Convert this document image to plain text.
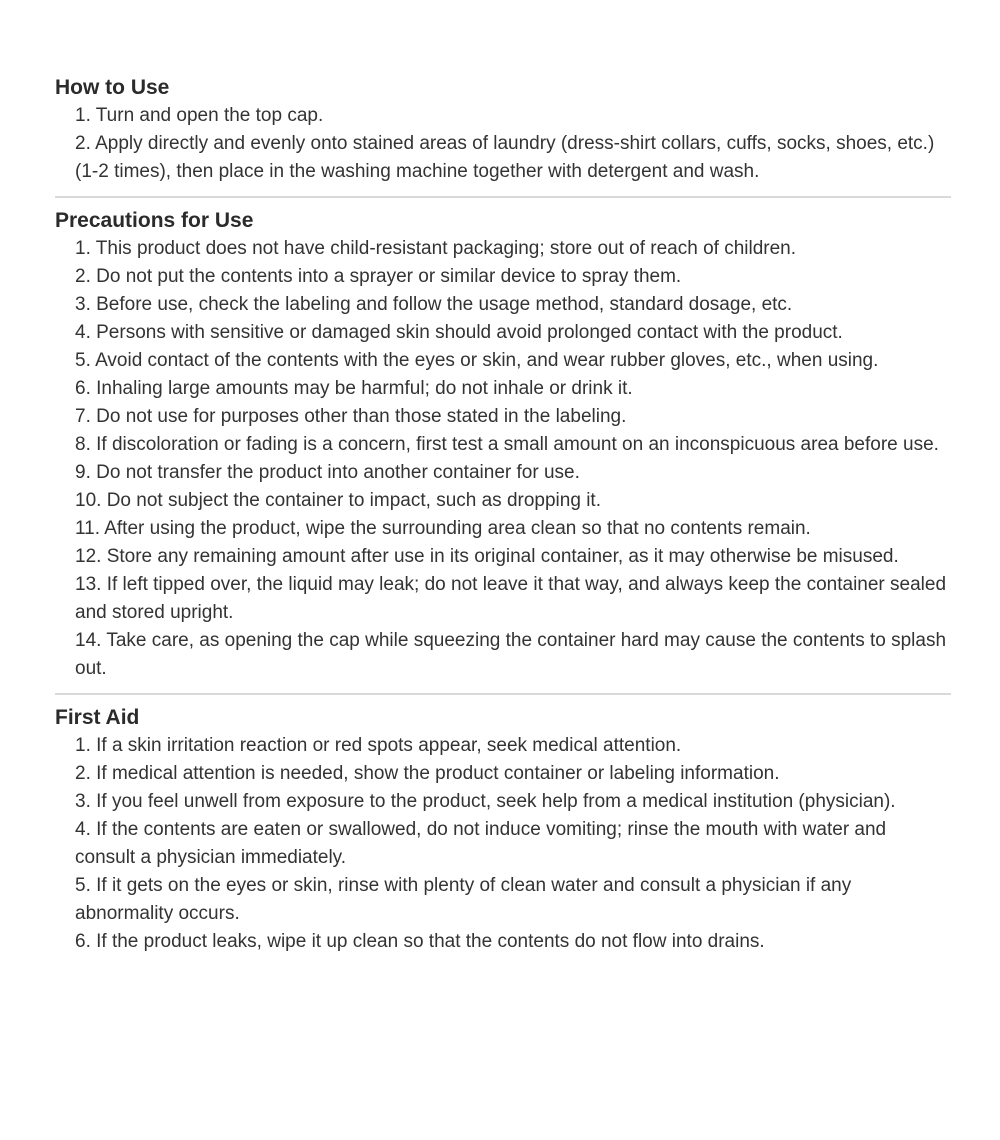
How to Use
1. Turn and open the top cap.
2. Apply directly and evenly onto stained areas of laundry (dress-shirt collars, cuffs, socks, shoes, etc.) (1-2 times), then place in the washing machine together with detergent and wash.
Precautions for Use
1. This product does not have child-resistant packaging; store out of reach of children.
2. Do not put the contents into a sprayer or similar device to spray them.
3. Before use, check the labeling and follow the usage method, standard dosage, etc.
4. Persons with sensitive or damaged skin should avoid prolonged contact with the product.
5. Avoid contact of the contents with the eyes or skin, and wear rubber gloves, etc., when using.
6. Inhaling large amounts may be harmful; do not inhale or drink it.
7. Do not use for purposes other than those stated in the labeling.
8. If discoloration or fading is a concern, first test a small amount on an inconspicuous area before use.
9. Do not transfer the product into another container for use.
10. Do not subject the container to impact, such as dropping it.
11. After using the product, wipe the surrounding area clean so that no contents remain.
12. Store any remaining amount after use in its original container, as it may otherwise be misused.
13. If left tipped over, the liquid may leak; do not leave it that way, and always keep the container sealed and stored upright.
14. Take care, as opening the cap while squeezing the container hard may cause the contents to splash out.
First Aid
1. If a skin irritation reaction or red spots appear, seek medical attention.
2. If medical attention is needed, show the product container or labeling information.
3. If you feel unwell from exposure to the product, seek help from a medical institution (physician).
4. If the contents are eaten or swallowed, do not induce vomiting; rinse the mouth with water and consult a physician immediately.
5. If it gets on the eyes or skin, rinse with plenty of clean water and consult a physician if any abnormality occurs.
6. If the product leaks, wipe it up clean so that the contents do not flow into drains.
